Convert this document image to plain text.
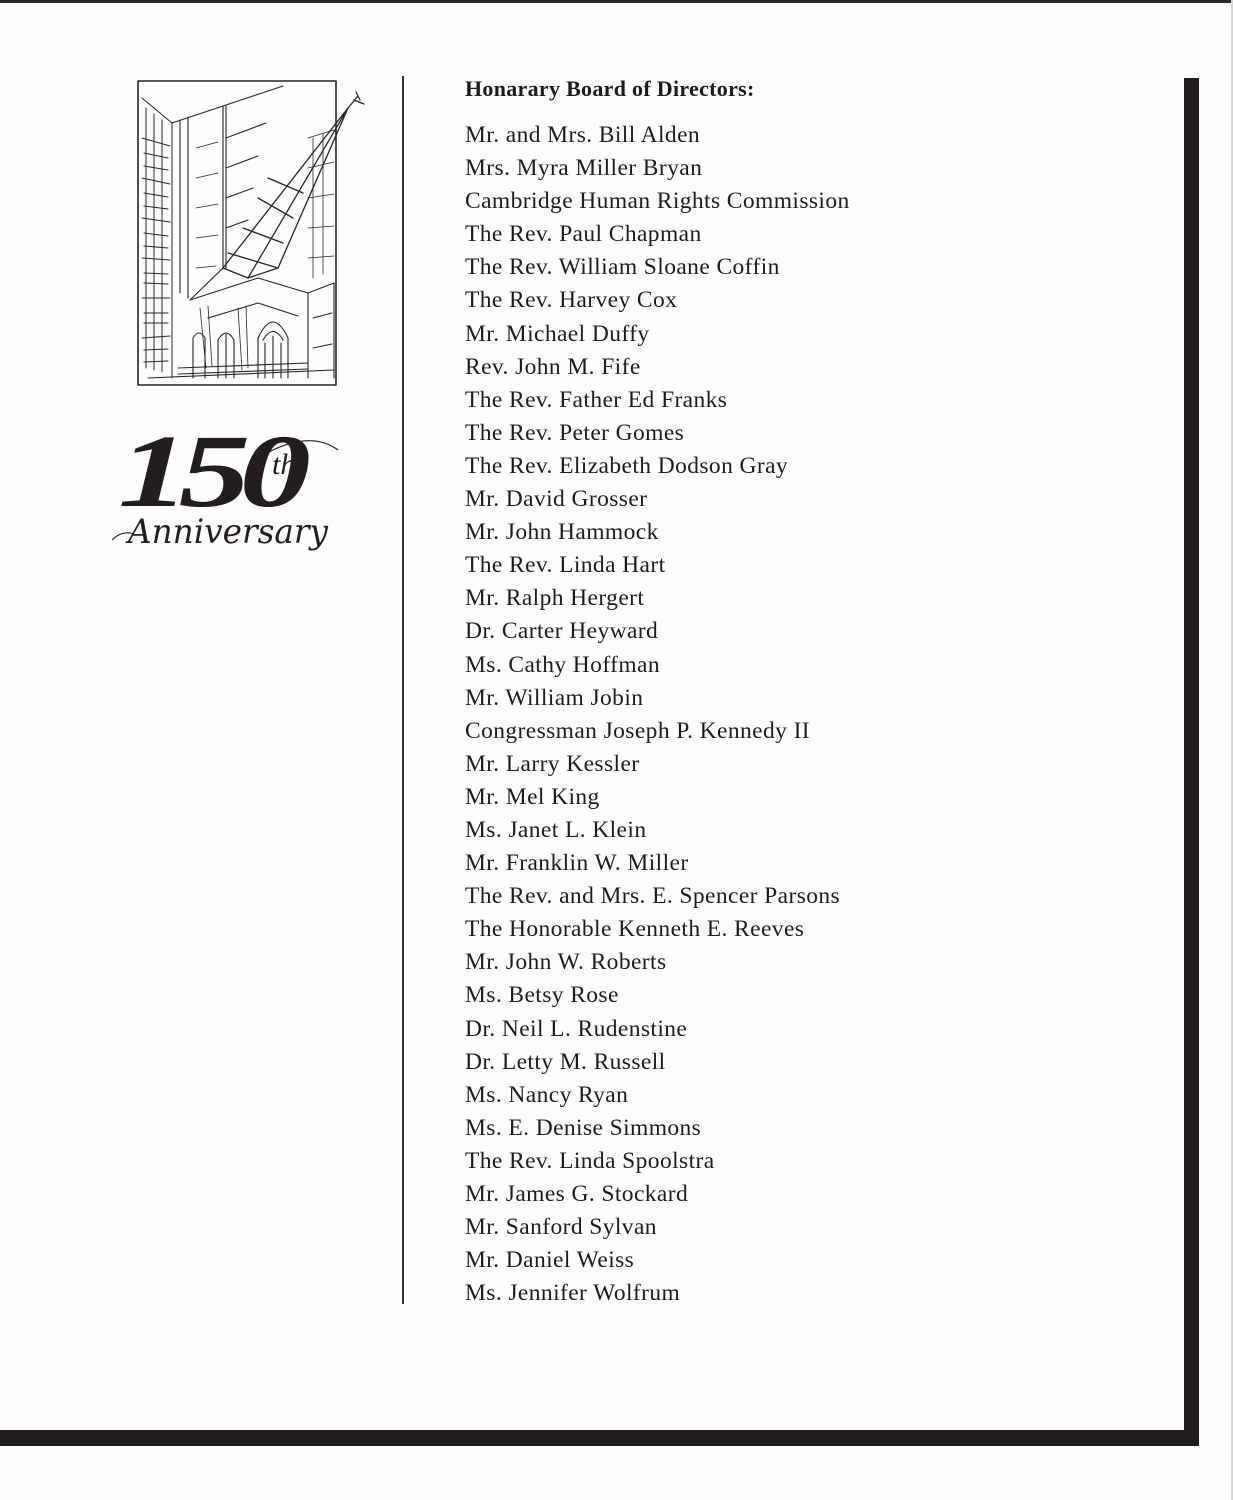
150
th
Anniversary
Honarary Board of Directors:
Mr. and Mrs. Bill Alden
Mrs. Myra Miller Bryan
Cambridge Human Rights Commission
The Rev. Paul Chapman
The Rev. William Sloane Coffin
The Rev. Harvey Cox
Mr. Michael Duffy
Rev. John M. Fife
The Rev. Father Ed Franks
The Rev. Peter Gomes
The Rev. Elizabeth Dodson Gray
Mr. David Grosser
Mr. John Hammock
The Rev. Linda Hart
Mr. Ralph Hergert
Dr. Carter Heyward
Ms. Cathy Hoffman
Mr. William Jobin
Congressman Joseph P. Kennedy II
Mr. Larry Kessler
Mr. Mel King
Ms. Janet L. Klein
Mr. Franklin W. Miller
The Rev. and Mrs. E. Spencer Parsons
The Honorable Kenneth E. Reeves
Mr. John W. Roberts
Ms. Betsy Rose
Dr. Neil L. Rudenstine
Dr. Letty M. Russell
Ms. Nancy Ryan
Ms. E. Denise Simmons
The Rev. Linda Spoolstra
Mr. James G. Stockard
Mr. Sanford Sylvan
Mr. Daniel Weiss
Ms. Jennifer Wolfrum
